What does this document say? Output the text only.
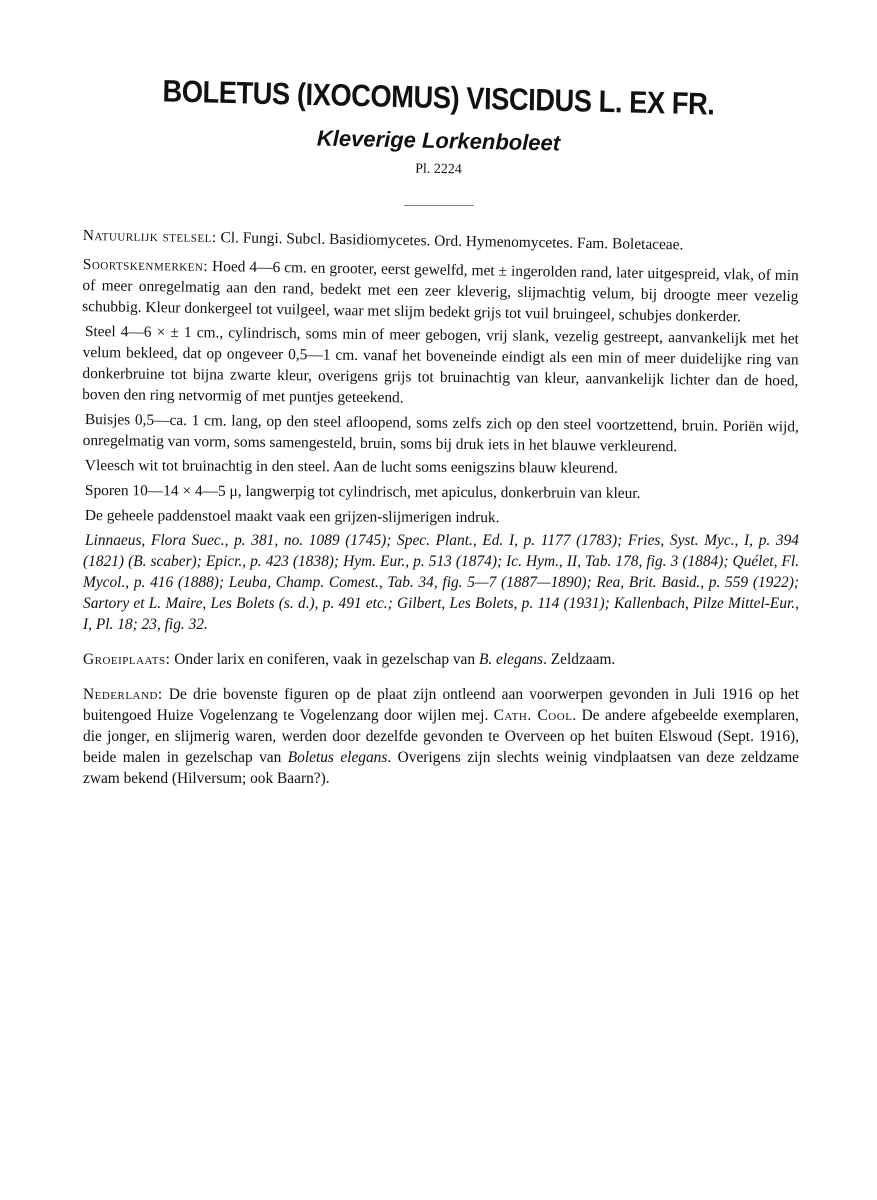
BOLETUS (IXOCOMUS) VISCIDUS L. EX FR.
Kleverige Lorkenboleet
Pl. 2224

Natuurlijk stelsel: Cl. Fungi. Subcl. Basidiomycetes. Ord. Hymenomycetes. Fam. Boletaceae.

Soortskenmerken: Hoed 4—6 cm. en grooter, eerst gewelfd, met ± ingerolden rand, later uitgespreid, vlak, of min of meer onregelmatig aan den rand, bedekt met een zeer kleverig, slijmachtig velum, bij droogte meer vezelig schubbig. Kleur donkergeel tot vuilgeel, waar met slijm bedekt grijs tot vuil bruingeel, schubjes donkerder.

Steel 4—6 × ± 1 cm., cylindrisch, soms min of meer gebogen, vrij slank, vezelig gestreept, aanvankelijk met het velum bekleed, dat op ongeveer 0,5—1 cm. vanaf het boveneinde eindigt als een min of meer duidelijke ring van donkerbruine tot bijna zwarte kleur, overigens grijs tot bruinachtig van kleur, aanvankelijk lichter dan de hoed, boven den ring netvormig of met puntjes geteekend.

Buisjes 0,5—ca. 1 cm. lang, op den steel afloopend, soms zelfs zich op den steel voortzettend, bruin. Poriën wijd, onregelmatig van vorm, soms samengesteld, bruin, soms bij druk iets in het blauwe verkleurend.

Vleesch wit tot bruinachtig in den steel. Aan de lucht soms eenigszins blauw kleurend.

Sporen 10—14 × 4—5 μ, langwerpig tot cylindrisch, met apiculus, donkerbruin van kleur.

De geheele paddenstoel maakt vaak een grijzen-slijmerigen indruk.

Linnaeus, Flora Suec., p. 381, no. 1089 (1745); Spec. Plant., Ed. I, p. 1177 (1783); Fries, Syst. Myc., I, p. 394 (1821) (B. scaber); Epicr., p. 423 (1838); Hym. Eur., p. 513 (1874); Ic. Hym., II, Tab. 178, fig. 3 (1884); Quélet, Fl. Mycol., p. 416 (1888); Leuba, Champ. Comest., Tab. 34, fig. 5—7 (1887—1890); Rea, Brit. Basid., p. 559 (1922); Sartory et L. Maire, Les Bolets (s. d.), p. 491 etc.; Gilbert, Les Bolets, p. 114 (1931); Kallenbach, Pilze Mittel-Eur., I, Pl. 18; 23, fig. 32.

Groeiplaats: Onder larix en coniferen, vaak in gezelschap van B. elegans. Zeldzaam.

Nederland: De drie bovenste figuren op de plaat zijn ontleend aan voorwerpen gevonden in Juli 1916 op het buitengoed Huize Vogelenzang te Vogelenzang door wijlen mej. Cath. Cool. De andere afgebeelde exemplaren, die jonger, en slijmerig waren, werden door dezelfde gevonden te Overveen op het buiten Elswoud (Sept. 1916), beide malen in gezelschap van Boletus elegans. Overigens zijn slechts weinig vindplaatsen van deze zeldzame zwam bekend (Hilversum; ook Baarn?).
